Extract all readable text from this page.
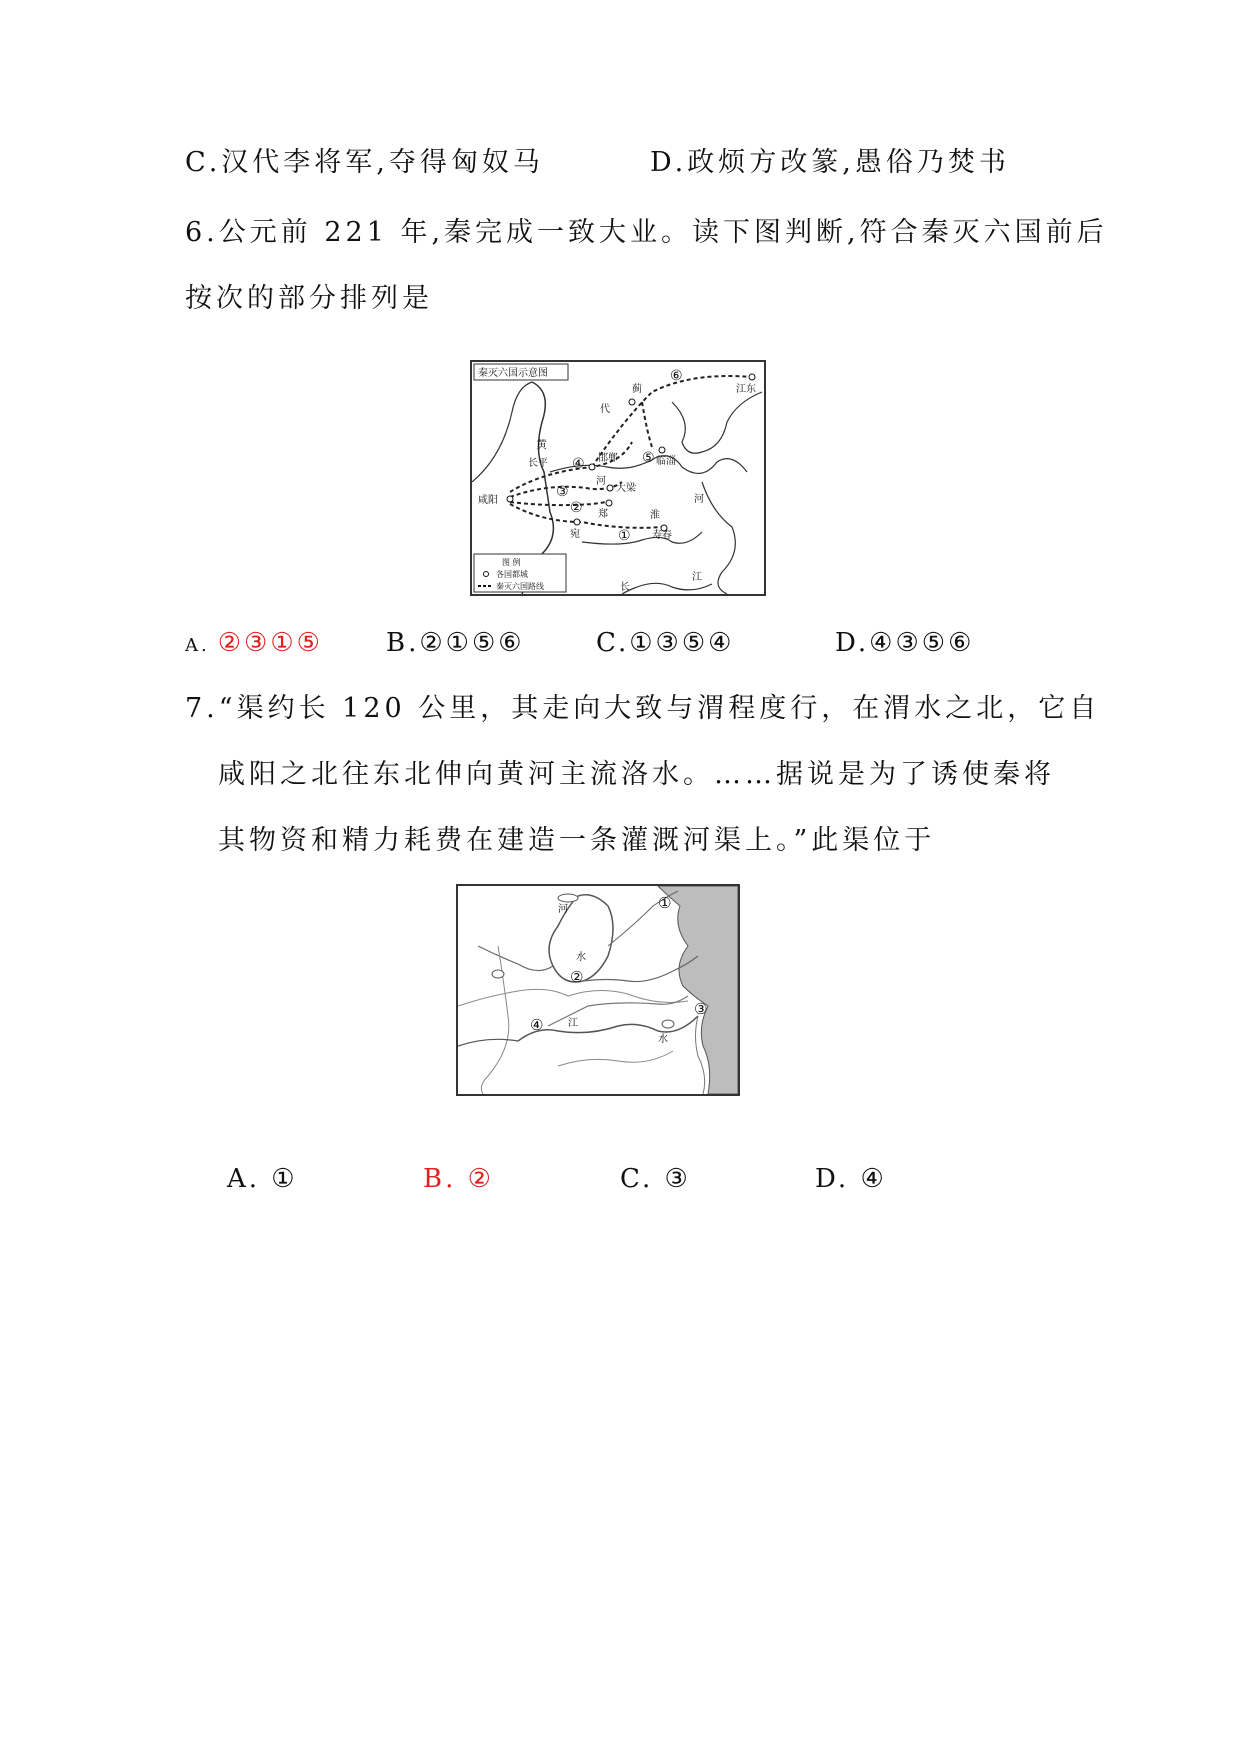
C.汉代李将军,夺得匈奴马	D.政烦方改篆,愚俗乃焚书
6.公元前 221 年,秦完成一致大业。读下图判断,符合秦灭六国前后
按次的部分排列是
秦灭六国示意图
代
蓟	江东
黄
河
长平	邯郸	临淄
咸阳
大梁
郑
宛
淮
寿春
河
江
长
①
②
③
④	⑤
⑥
图 例
各国都城
秦灭六国路线
A. ②③①⑤ B.②①⑤⑥	C.①③⑤④	D.④③⑤⑥
7.“渠约长 120 公里，其走向大致与渭程度行，在渭水之北，它自
咸阳之北往东北伸向黄河主流洛水。……据说是为了诱使秦将
其物资和精力耗费在建造一条灌溉河渠上。”此渠位于
河
水
江
水
①
②
③
④
A. ①	B. ②	C. ③	D. ④
